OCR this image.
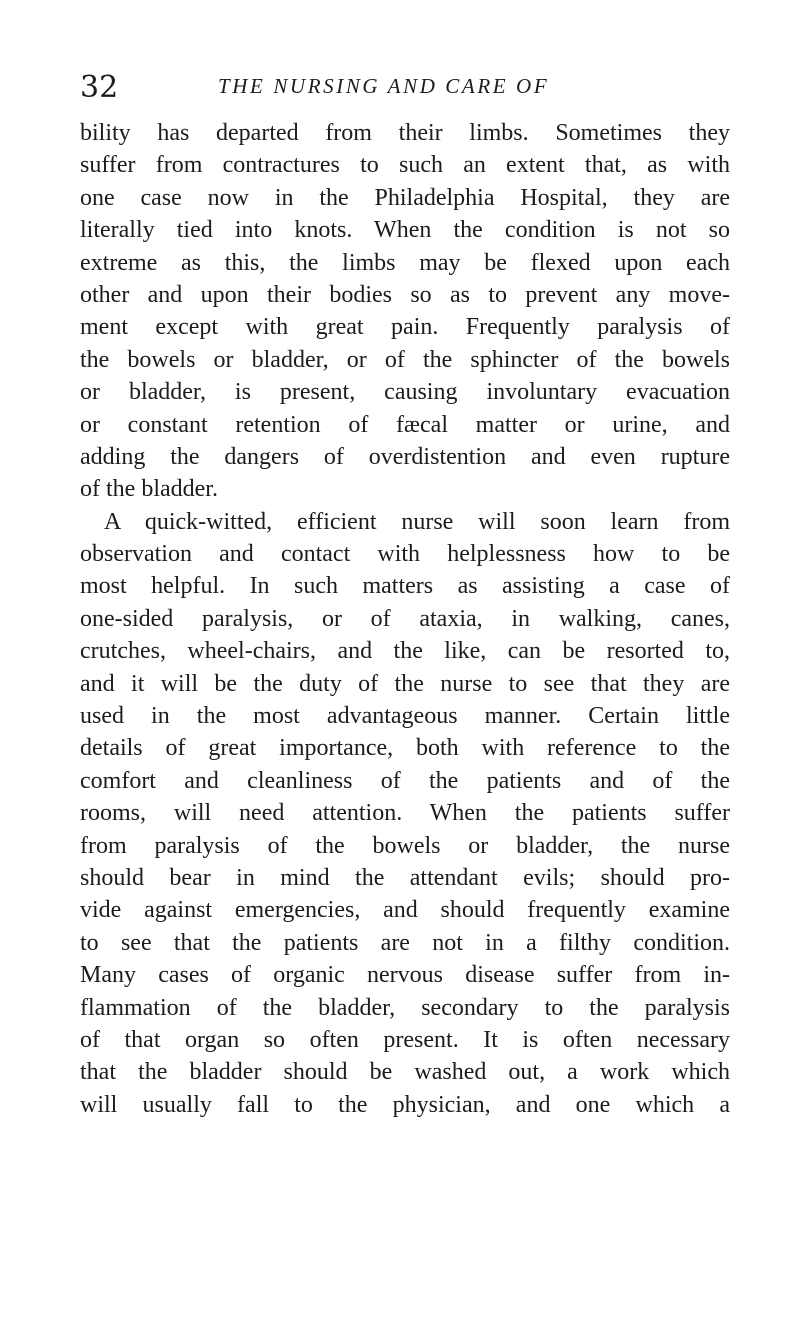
32	THE NURSING AND CARE OF
bility has departed from their limbs. Sometimes they
suffer from contractures to such an extent that, as with
one case now in the Philadelphia Hospital, they are
literally tied into knots. When the condition is not so
extreme as this, the limbs may be flexed upon each
other and upon their bodies so as to prevent any move-
ment except with great pain. Frequently paralysis of
the bowels or bladder, or of the sphincter of the bowels
or bladder, is present, causing involuntary evacuation
or constant retention of fæcal matter or urine, and
adding the dangers of overdistention and even rupture
of the bladder.
A quick-witted, efficient nurse will soon learn from
observation and contact with helplessness how to be
most helpful. In such matters as assisting a case of
one-sided paralysis, or of ataxia, in walking, canes,
crutches, wheel-chairs, and the like, can be resorted to,
and it will be the duty of the nurse to see that they are
used in the most advantageous manner. Certain little
details of great importance, both with reference to the
comfort and cleanliness of the patients and of the
rooms, will need attention. When the patients suffer
from paralysis of the bowels or bladder, the nurse
should bear in mind the attendant evils; should pro-
vide against emergencies, and should frequently examine
to see that the patients are not in a filthy condition.
Many cases of organic nervous disease suffer from in-
flammation of the bladder, secondary to the paralysis
of that organ so often present. It is often necessary
that the bladder should be washed out, a work which
will usually fall to the physician, and one which a
